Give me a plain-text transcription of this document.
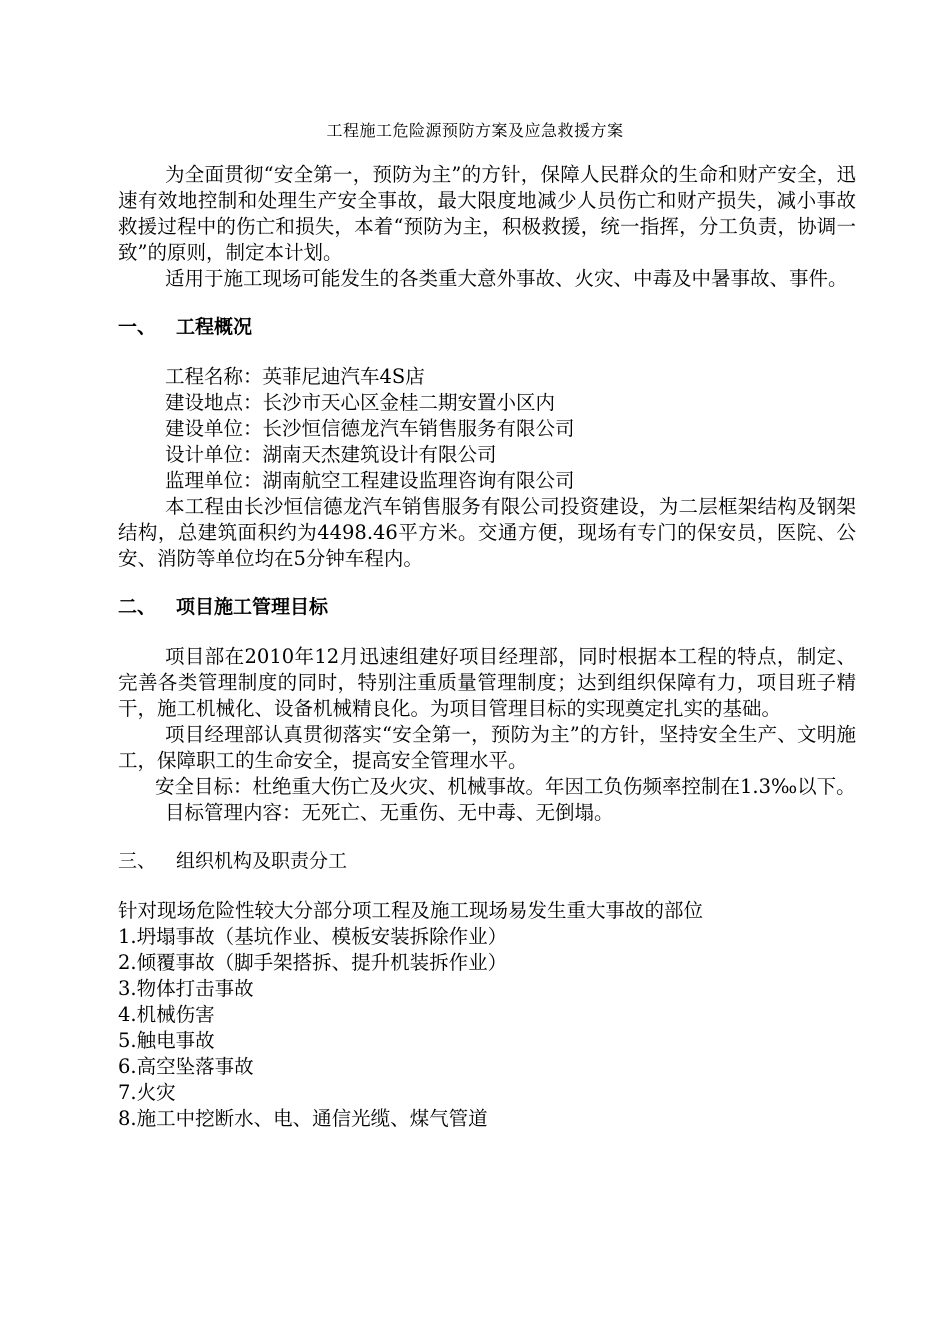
工程施工危险源预防方案及应急救援方案

为全面贯彻“安全第一，预防为主”的方针，保障人民群众的生命和财产安全，迅速有效地控制和处理生产安全事故，最大限度地减少人员伤亡和财产损失，减小事故救援过程中的伤亡和损失，本着“预防为主，积极救援，统一指挥，分工负责，协调一致”的原则，制定本计划。

适用于施工现场可能发生的各类重大意外事故、火灾、中毒及中暑事故、事件。

一、 工程概况

工程名称：英菲尼迪汽车4S店

建设地点：长沙市天心区金桂二期安置小区内

建设单位：长沙恒信德龙汽车销售服务有限公司

设计单位：湖南天杰建筑设计有限公司

监理单位：湖南航空工程建设监理咨询有限公司

本工程由长沙恒信德龙汽车销售服务有限公司投资建设，为二层框架结构及钢架结构，总建筑面积约为4498.46平方米。交通方便，现场有专门的保安员，医院、公安、消防等单位均在5分钟车程内。

二、 项目施工管理目标

项目部在2010年12月迅速组建好项目经理部，同时根据本工程的特点，制定、完善各类管理制度的同时，特别注重质量管理制度；达到组织保障有力，项目班子精干，施工机械化、设备机械精良化。为项目管理目标的实现奠定扎实的基础。

项目经理部认真贯彻落实“安全第一，预防为主”的方针，坚持安全生产、文明施工，保障职工的生命安全，提高安全管理水平。

安全目标：杜绝重大伤亡及火灾、机械事故。年因工负伤频率控制在1.3‰以下。

目标管理内容：无死亡、无重伤、无中毒、无倒塌。

三、 组织机构及职责分工

针对现场危险性较大分部分项工程及施工现场易发生重大事故的部位

1.坍塌事故（基坑作业、模板安装拆除作业）

2.倾覆事故（脚手架搭拆、提升机装拆作业）

3.物体打击事故

4.机械伤害

5.触电事故

6.高空坠落事故

7.火灾

8.施工中挖断水、电、通信光缆、煤气管道
